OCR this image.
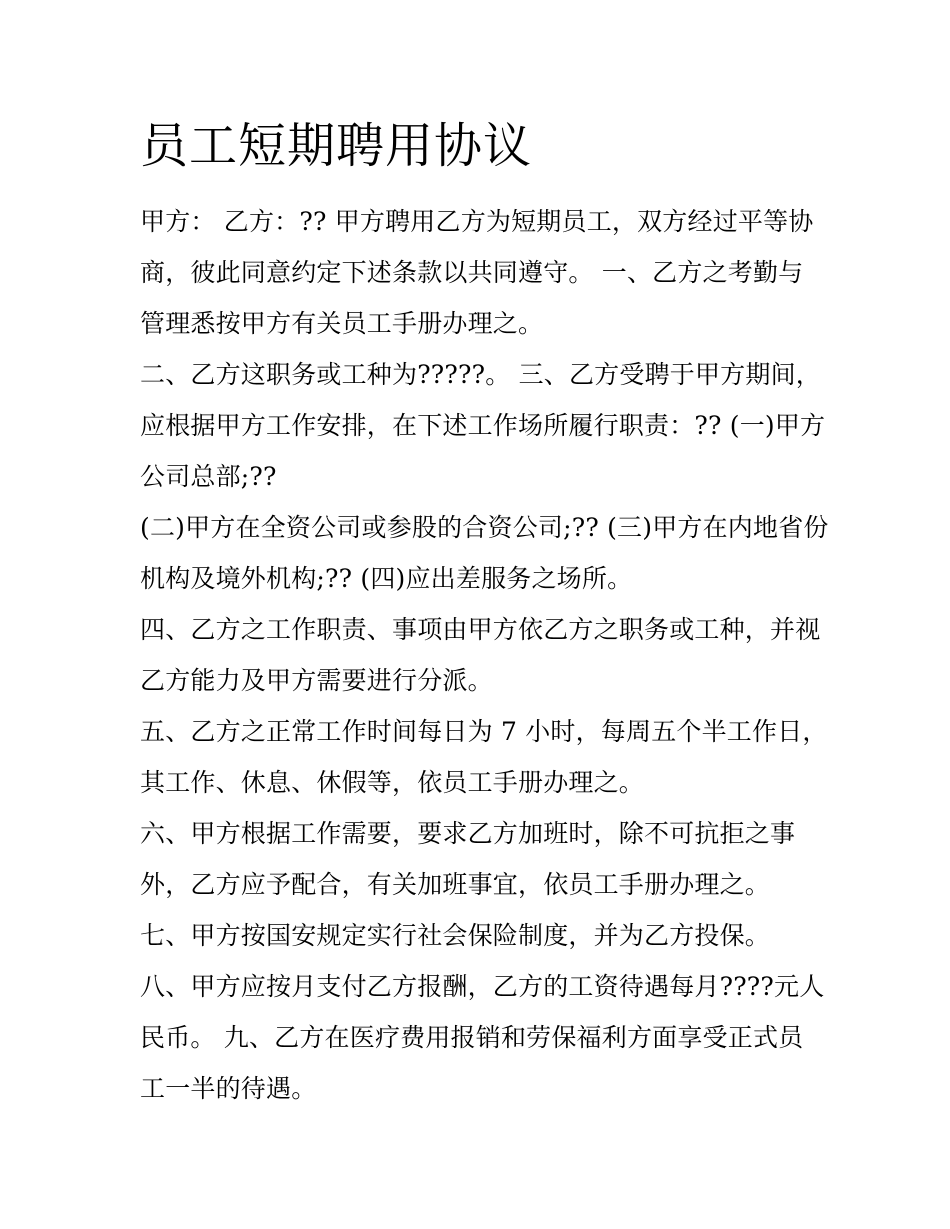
员工短期聘用协议
甲方： 乙方：?? 甲方聘用乙方为短期员工，双方经过平等协
商，彼此同意约定下述条款以共同遵守。 一、乙方之考勤与
管理悉按甲方有关员工手册办理之。
二、乙方这职务或工种为?????。 三、乙方受聘于甲方期间，
应根据甲方工作安排，在下述工作场所履行职责：?? (一)甲方
公司总部;??
(二)甲方在全资公司或参股的合资公司;?? (三)甲方在内地省份
机构及境外机构;?? (四)应出差服务之场所。
四、乙方之工作职责、事项由甲方依乙方之职务或工种，并视
乙方能力及甲方需要进行分派。
五、乙方之正常工作时间每日为 7 小时，每周五个半工作日，
其工作、休息、休假等，依员工手册办理之。
六、甲方根据工作需要，要求乙方加班时，除不可抗拒之事
外，乙方应予配合，有关加班事宜，依员工手册办理之。
七、甲方按国安规定实行社会保险制度，并为乙方投保。
八、甲方应按月支付乙方报酬，乙方的工资待遇每月????元人
民币。 九、乙方在医疗费用报销和劳保福利方面享受正式员
工一半的待遇。
